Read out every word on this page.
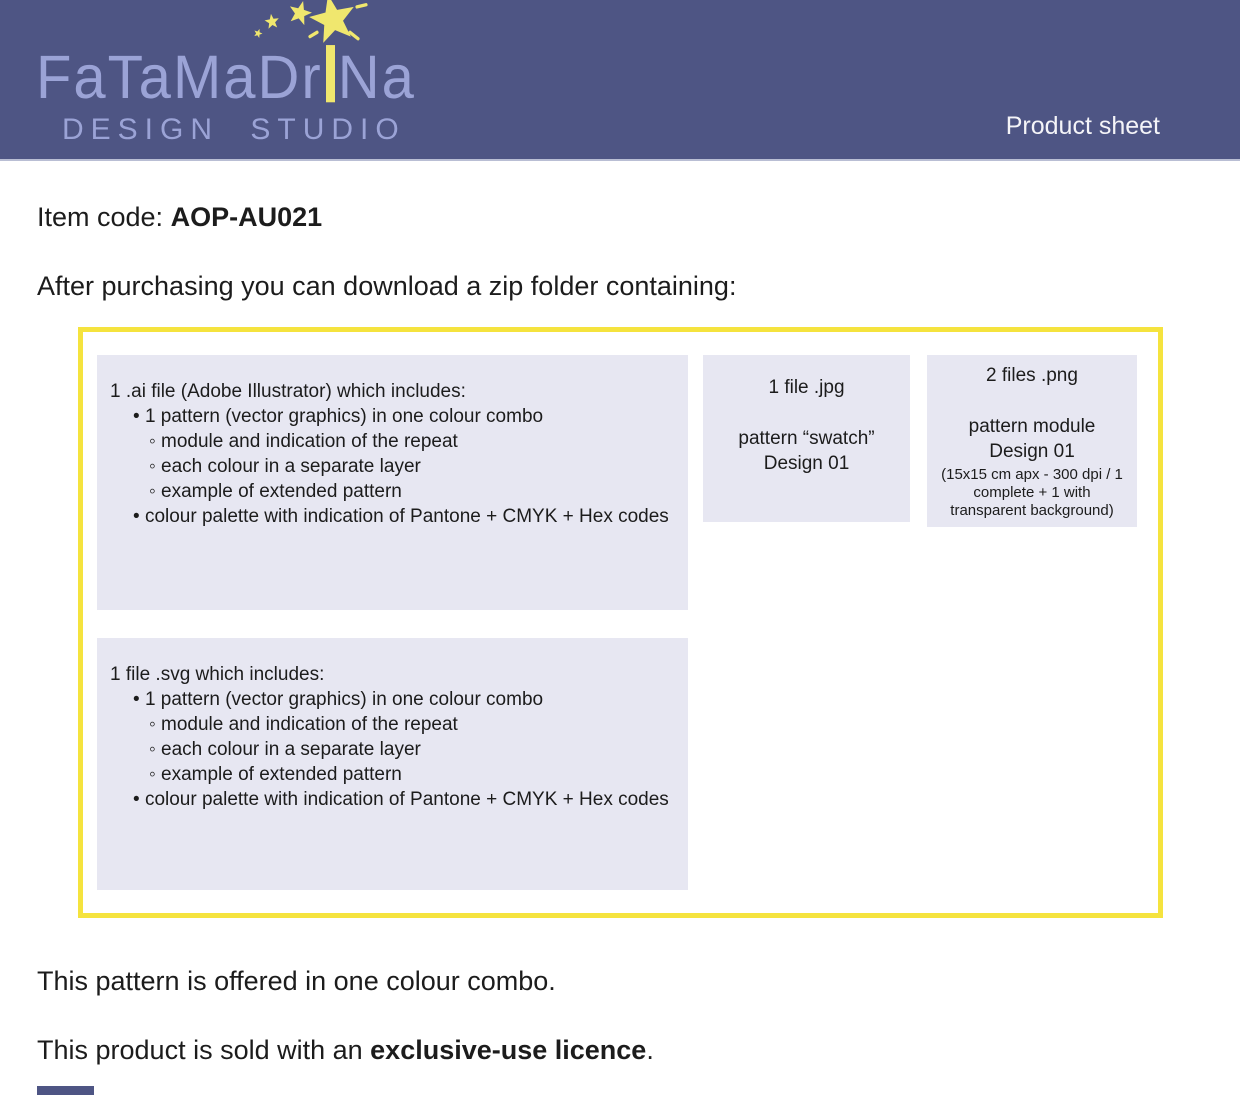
FaTaMaDr Na
DESIGN STUDIO	Product sheet
Item code: AOP-AU021
After purchasing you can download a zip folder containing:
1 .ai file (Adobe Illustrator) which includes:
• 1 pattern (vector graphics) in one colour combo
◦ module and indication of the repeat
◦ each colour in a separate layer
◦ example of extended pattern
• colour palette with indication of Pantone + CMYK + Hex codes
1 file .svg which includes:
• 1 pattern (vector graphics) in one colour combo
◦ module and indication of the repeat
◦ each colour in a separate layer
◦ example of extended pattern
• colour palette with indication of Pantone + CMYK + Hex codes
1 file .jpg
pattern “swatch”
Design 01
2 files .png
pattern module
Design 01
(15x15 cm apx - 300 dpi / 1 complete + 1 with transparent background)
This pattern is offered in one colour combo.
This product is sold with an exclusive-use licence.
